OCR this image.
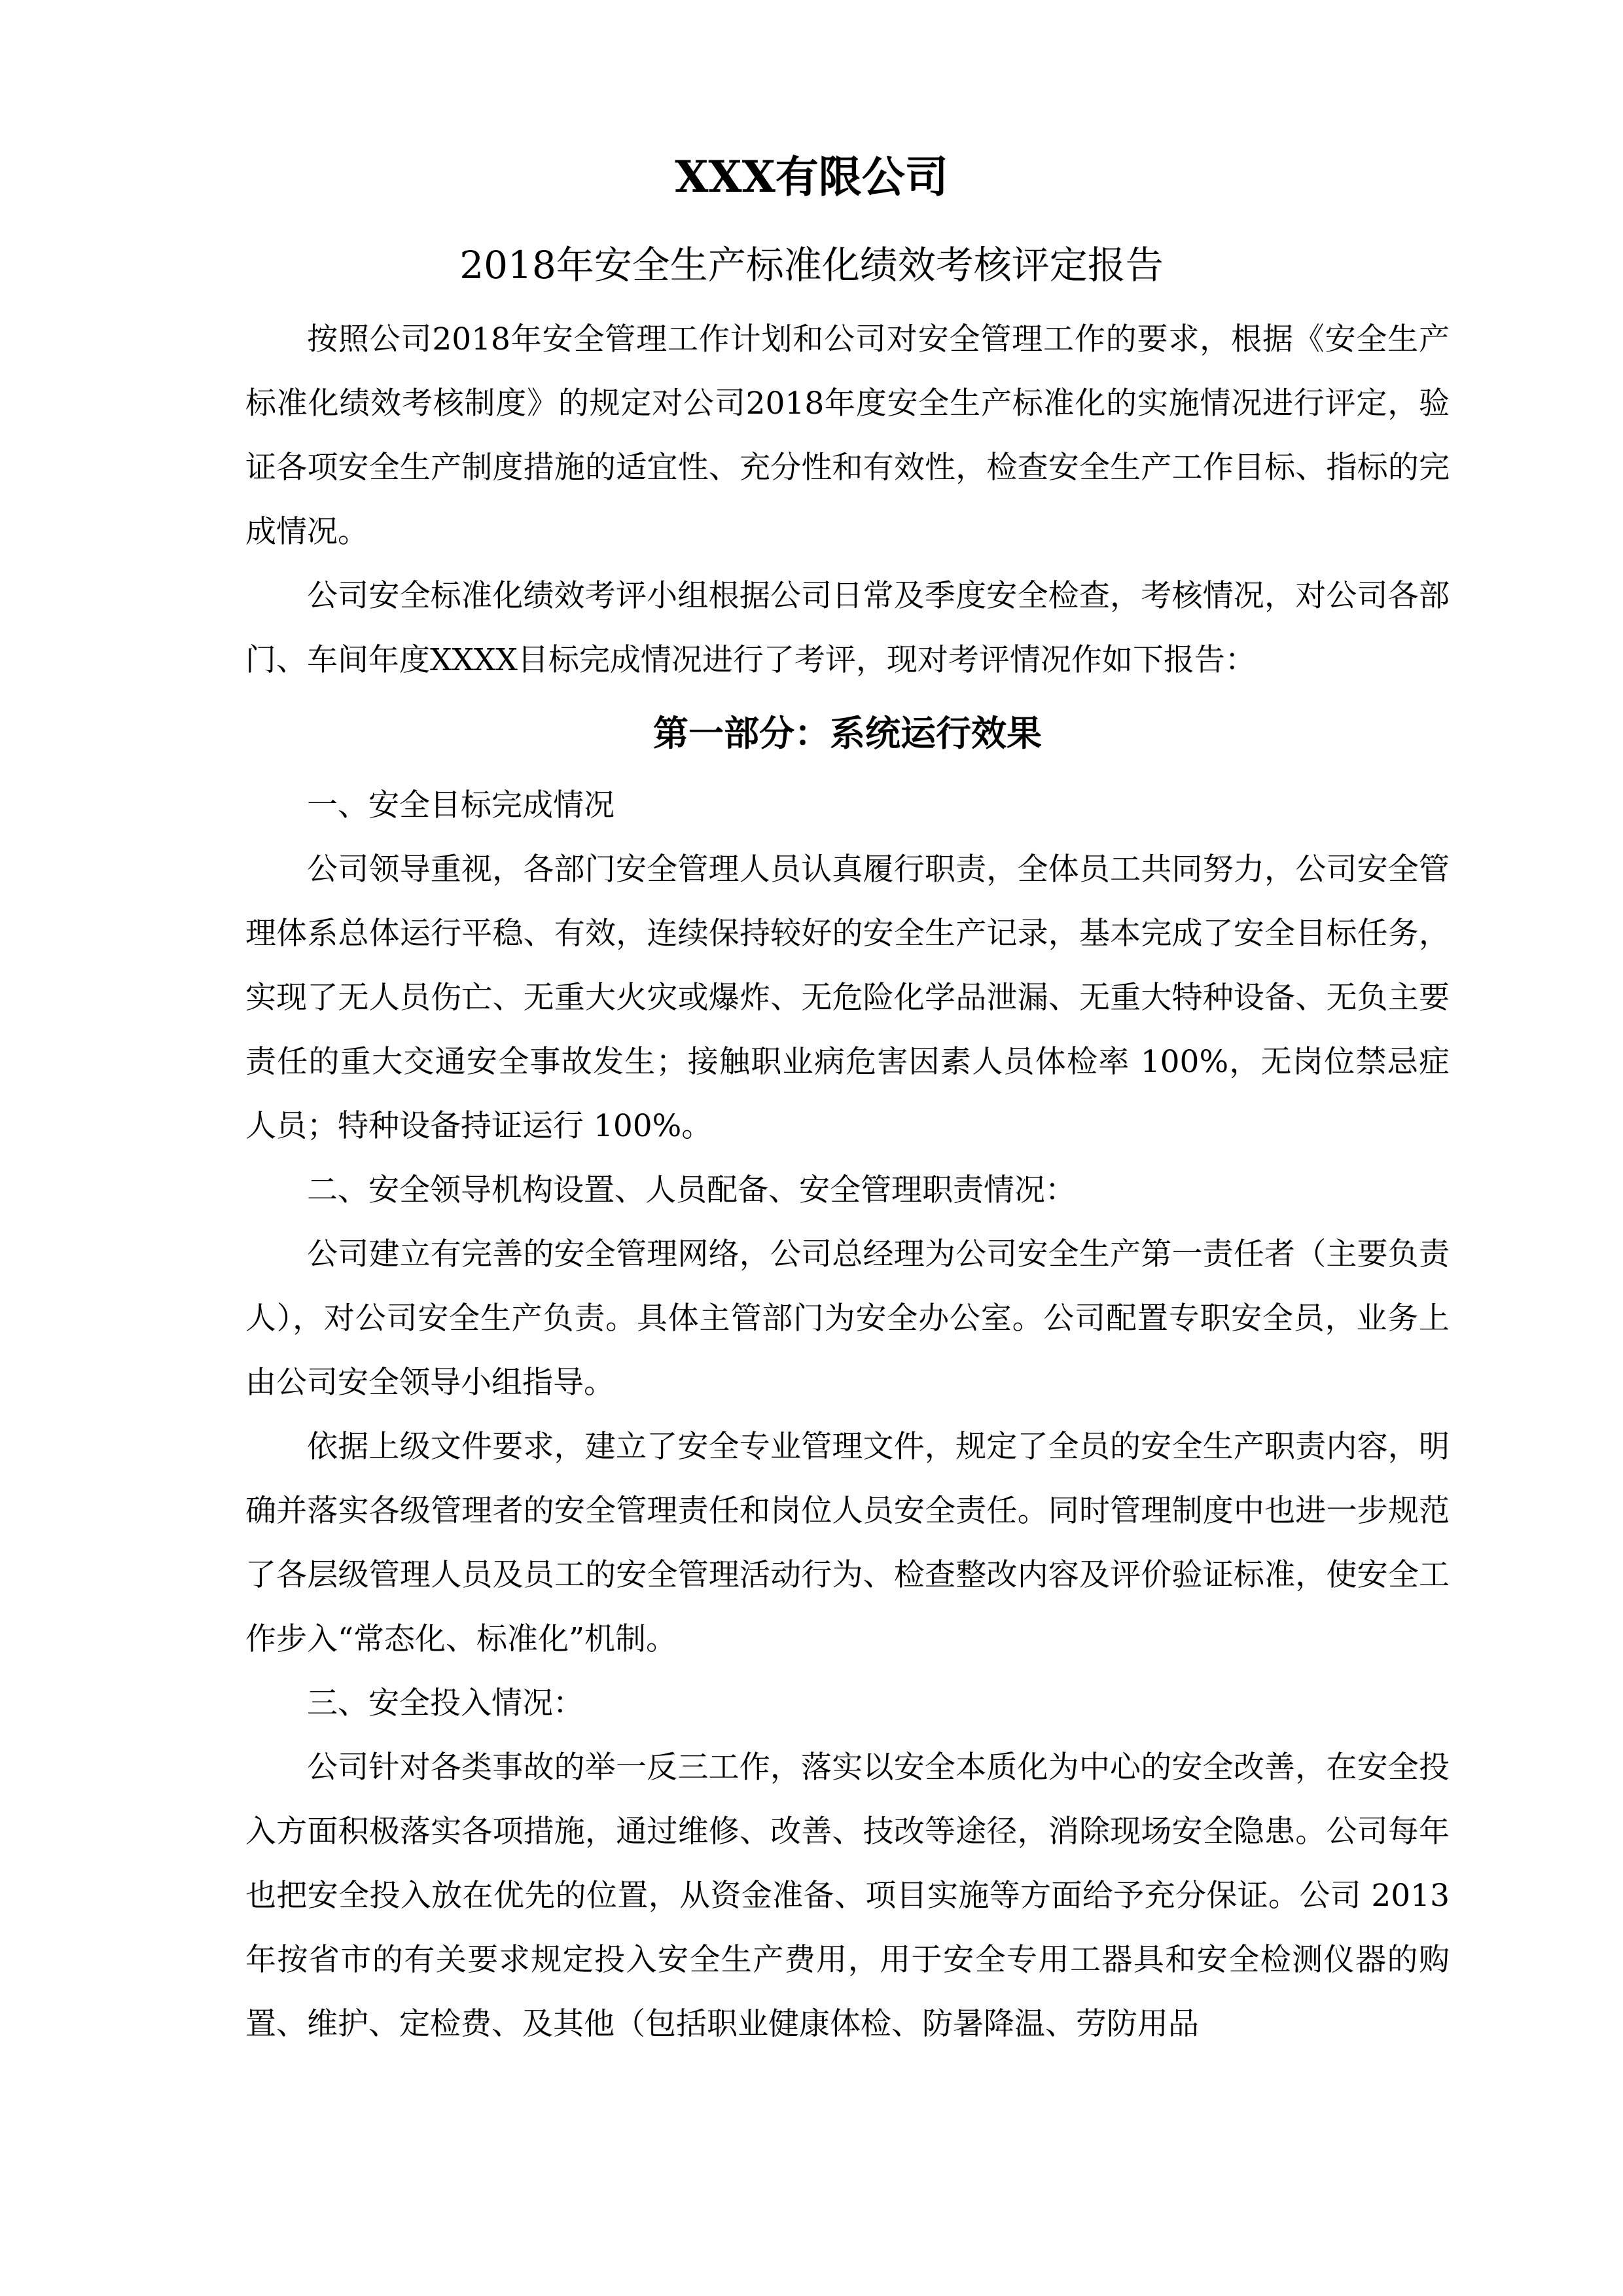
XXX有限公司
2018年安全生产标准化绩效考核评定报告

按照公司2018年安全管理工作计划和公司对安全管理工作的要求，根据《安全生产标准化绩效考核制度》的规定对公司2018年度安全生产标准化的实施情况进行评定，验证各项安全生产制度措施的适宜性、充分性和有效性，检查安全生产工作目标、指标的完成情况。

公司安全标准化绩效考评小组根据公司日常及季度安全检查，考核情况，对公司各部门、车间年度XXXX目标完成情况进行了考评，现对考评情况作如下报告：

第一部分：系统运行效果

一、安全目标完成情况

公司领导重视，各部门安全管理人员认真履行职责，全体员工共同努力，公司安全管理体系总体运行平稳、有效，连续保持较好的安全生产记录，基本完成了安全目标任务，实现了无人员伤亡、无重大火灾或爆炸、无危险化学品泄漏、无重大特种设备、无负主要责任的重大交通安全事故发生；接触职业病危害因素人员体检率 100%，无岗位禁忌症人员；特种设备持证运行 100%。

二、安全领导机构设置、人员配备、安全管理职责情况：

公司建立有完善的安全管理网络，公司总经理为公司安全生产第一责任者（主要负责人），对公司安全生产负责。具体主管部门为安全办公室。公司配置专职安全员，业务上由公司安全领导小组指导。

依据上级文件要求，建立了安全专业管理文件，规定了全员的安全生产职责内容，明确并落实各级管理者的安全管理责任和岗位人员安全责任。同时管理制度中也进一步规范了各层级管理人员及员工的安全管理活动行为、检查整改内容及评价验证标准，使安全工作步入“常态化、标准化”机制。

三、安全投入情况：

公司针对各类事故的举一反三工作，落实以安全本质化为中心的安全改善，在安全投入方面积极落实各项措施，通过维修、改善、技改等途径，消除现场安全隐患。公司每年也把安全投入放在优先的位置，从资金准备、项目实施等方面给予充分保证。公司 2013 年按省市的有关要求规定投入安全生产费用，用于安全专用工器具和安全检测仪器的购置、维护、定检费、及其他（包括职业健康体检、防暑降温、劳防用品
